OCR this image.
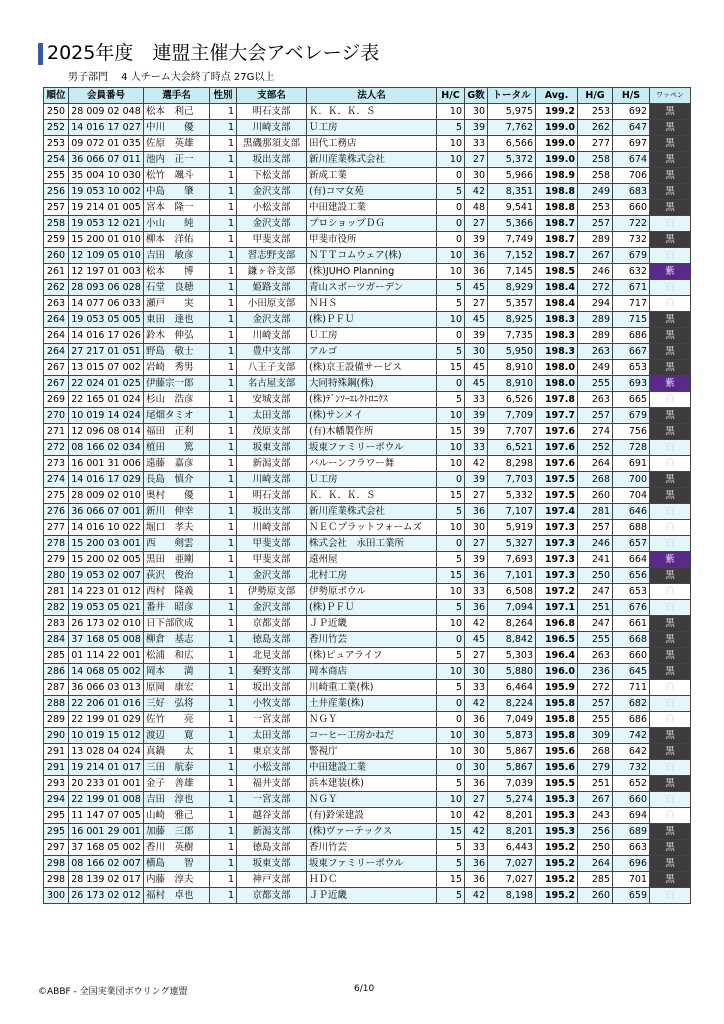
2025年度　連盟主催大会アベレージ表
男子部門　 4 人チーム大会終了時点 27G以上
順位	会員番号	選手名	性別	支部名	法人名	H/C	G数	トータル	Avg.	H/G	H/S	ワッペン
250	28 009 02 048	松本　利己	1	明石支部	Ｋ．Ｋ．Ｋ．Ｓ	10	30	5,975	199.2	253	692	黒
252	14 016 17 027	中川　　優	1	川崎支部	Ｕ工房	5	39	7,762	199.0	262	647	黒
253	09 072 01 035	佐原　英雄	1	黒磯那須支部	田代工務店	10	33	6,566	199.0	277	697	黒
254	36 066 07 011	池内　正一	1	坂出支部	新川産業株式会社	10	27	5,372	199.0	258	674	黒
255	35 004 10 030	松竹　颯斗	1	下松支部	新成工業	0	30	5,966	198.9	258	706	黒
256	19 053 10 002	中島　　肇	1	金沢支部	(有)コマ女苑	5	42	8,351	198.8	249	683	黒
257	19 214 01 005	宮本　隆一	1	小松支部	中田建設工業	0	48	9,541	198.8	253	660	黒
258	19 053 12 021	小山　　純	1	金沢支部	プロショップＤＧ	0	27	5,366	198.7	257	722	白
259	15 200 01 010	柳本　洋佑	1	甲斐支部	甲斐市役所	0	39	7,749	198.7	289	732	黒
260	12 109 05 010	吉田　敏彦	1	習志野支部	ＮＴＴコムウェア(株)	10	36	7,152	198.7	267	679	白
261	12 197 01 003	松本　　博	1	鎌ヶ谷支部	(株)JUHO Planning	10	36	7,145	198.5	246	632	紫
262	28 093 06 028	石堂　良穂	1	姫路支部	青山スポーツガーデン	5	45	8,929	198.4	272	671	白
263	14 077 06 033	瀬戸　　実	1	小田原支部	ＮＨＳ	5	27	5,357	198.4	294	717	白
264	19 053 05 005	東田　達也	1	金沢支部	(株)ＰＦＵ	10	45	8,925	198.3	289	715	黒
264	14 016 17 026	鈴木　伸弘	1	川崎支部	Ｕ工房	0	39	7,735	198.3	289	686	黒
264	27 217 01 051	野島　敬士	1	豊中支部	アルゴ	5	30	5,950	198.3	263	667	黒
267	13 015 07 002	岩崎　秀男	1	八王子支部	(株)京王設備サービス	15	45	8,910	198.0	249	653	黒
267	22 024 01 025	伊藤宗一郎	1	名古屋支部	大同特殊鋼(株)	0	45	8,910	198.0	255	693	紫
269	22 165 01 024	杉山　浩彦	1	安城支部	(株)ﾃﾞﾝｿｰｴﾚｸﾄﾛﾆｸｽ	5	33	6,526	197.8	263	665	白
270	10 019 14 024	尾畑タミオ	1	太田支部	(株)サンメイ	10	39	7,709	197.7	257	679	黒
271	12 096 08 014	福田　正利	1	茂原支部	(有)木幡製作所	15	39	7,707	197.6	274	756	黒
272	08 166 02 034	植田　　篤	1	坂東支部	坂東ファミリーボウル	10	33	6,521	197.6	252	728	白
273	16 001 31 006	遠藤　嘉彦	1	新潟支部	バルーンフラワー舞	10	42	8,298	197.6	264	691	白
274	14 016 17 029	長島　慎介	1	川崎支部	Ｕ工房	0	39	7,703	197.5	268	700	黒
275	28 009 02 010	奥村　　優	1	明石支部	Ｋ．Ｋ．Ｋ．Ｓ	15	27	5,332	197.5	260	704	黒
276	36 066 07 001	新川　伸幸	1	坂出支部	新川産業株式会社	5	36	7,107	197.4	281	646	白
277	14 016 10 022	堀口　孝夫	1	川崎支部	ＮＥＣプラットフォームズ	10	30	5,919	197.3	257	688	白
278	15 200 03 001	西　　剣雲	1	甲斐支部	株式会社　永田工業所	0	27	5,327	197.3	246	657	白
279	15 200 02 005	黒田　亜剛	1	甲斐支部	遠州屋	5	39	7,693	197.3	241	664	紫
280	19 053 02 007	荻沢　俊治	1	金沢支部	北村工房	15	36	7,101	197.3	250	656	黒
281	14 223 01 012	西村　隆義	1	伊勢原支部	伊勢原ボウル	10	33	6,508	197.2	247	653	白
282	19 053 05 021	番井　昭彦	1	金沢支部	(株)ＰＦＵ	5	36	7,094	197.1	251	676	白
283	26 173 02 010	日下部欣成	1	京都支部	ＪＰ近畿	10	42	8,264	196.8	247	661	黒
284	37 168 05 008	柳倉　基志	1	徳島支部	香川竹芸	0	45	8,842	196.5	255	668	黒
285	01 114 22 001	松浦　和広	1	北見支部	(株)ピュアライフ	5	27	5,303	196.4	263	660	黒
286	14 068 05 002	岡本　　満	1	秦野支部	岡本商店	10	30	5,880	196.0	236	645	黒
287	36 066 03 013	原岡　康宏	1	坂出支部	川崎重工業(株)	5	33	6,464	195.9	272	711	白
288	22 206 01 016	三好　弘将	1	小牧支部	土井産業(株)	0	42	8,224	195.8	257	682	白
289	22 199 01 029	佐竹　　亮	1	一宮支部	ＮＧＹ	0	36	7,049	195.8	255	686	白
290	10 019 15 012	渡辺　　寛	1	太田支部	コーヒー工房かねだ	10	30	5,873	195.8	309	742	黒
291	13 028 04 024	真鍋　　太	1	東京支部	警視庁	10	30	5,867	195.6	268	642	黒
291	19 214 01 017	三田　航泰	1	小松支部	中田建設工業	0	30	5,867	195.6	279	732	白
293	20 233 01 001	金子　善雄	1	福井支部	浜本建装(株)	5	36	7,039	195.5	251	652	黒
294	22 199 01 008	吉田　淳也	1	一宮支部	ＮＧＹ	10	27	5,274	195.3	267	660	白
295	11 147 07 005	山崎　雅己	1	越谷支部	(有)鈴栄建設	10	42	8,201	195.3	243	694	白
295	16 001 29 001	加藤　三郎	1	新潟支部	(株)ヴァーテックス	15	42	8,201	195.3	256	689	黒
297	37 168 05 002	香川　英樹	1	徳島支部	香川竹芸	5	33	6,443	195.2	250	663	黒
298	08 166 02 007	横島　　智	1	坂東支部	坂東ファミリーボウル	5	36	7,027	195.2	264	696	黒
298	28 139 02 017	内藤　淳夫	1	神戸支部	ＨＤＣ	15	36	7,027	195.2	285	701	黒
300	26 173 02 012	福村　卓也	1	京都支部	ＪＰ近畿	5	42	8,198	195.2	260	659	白
©ABBF - 全国実業団ボウリング連盟	6/10
